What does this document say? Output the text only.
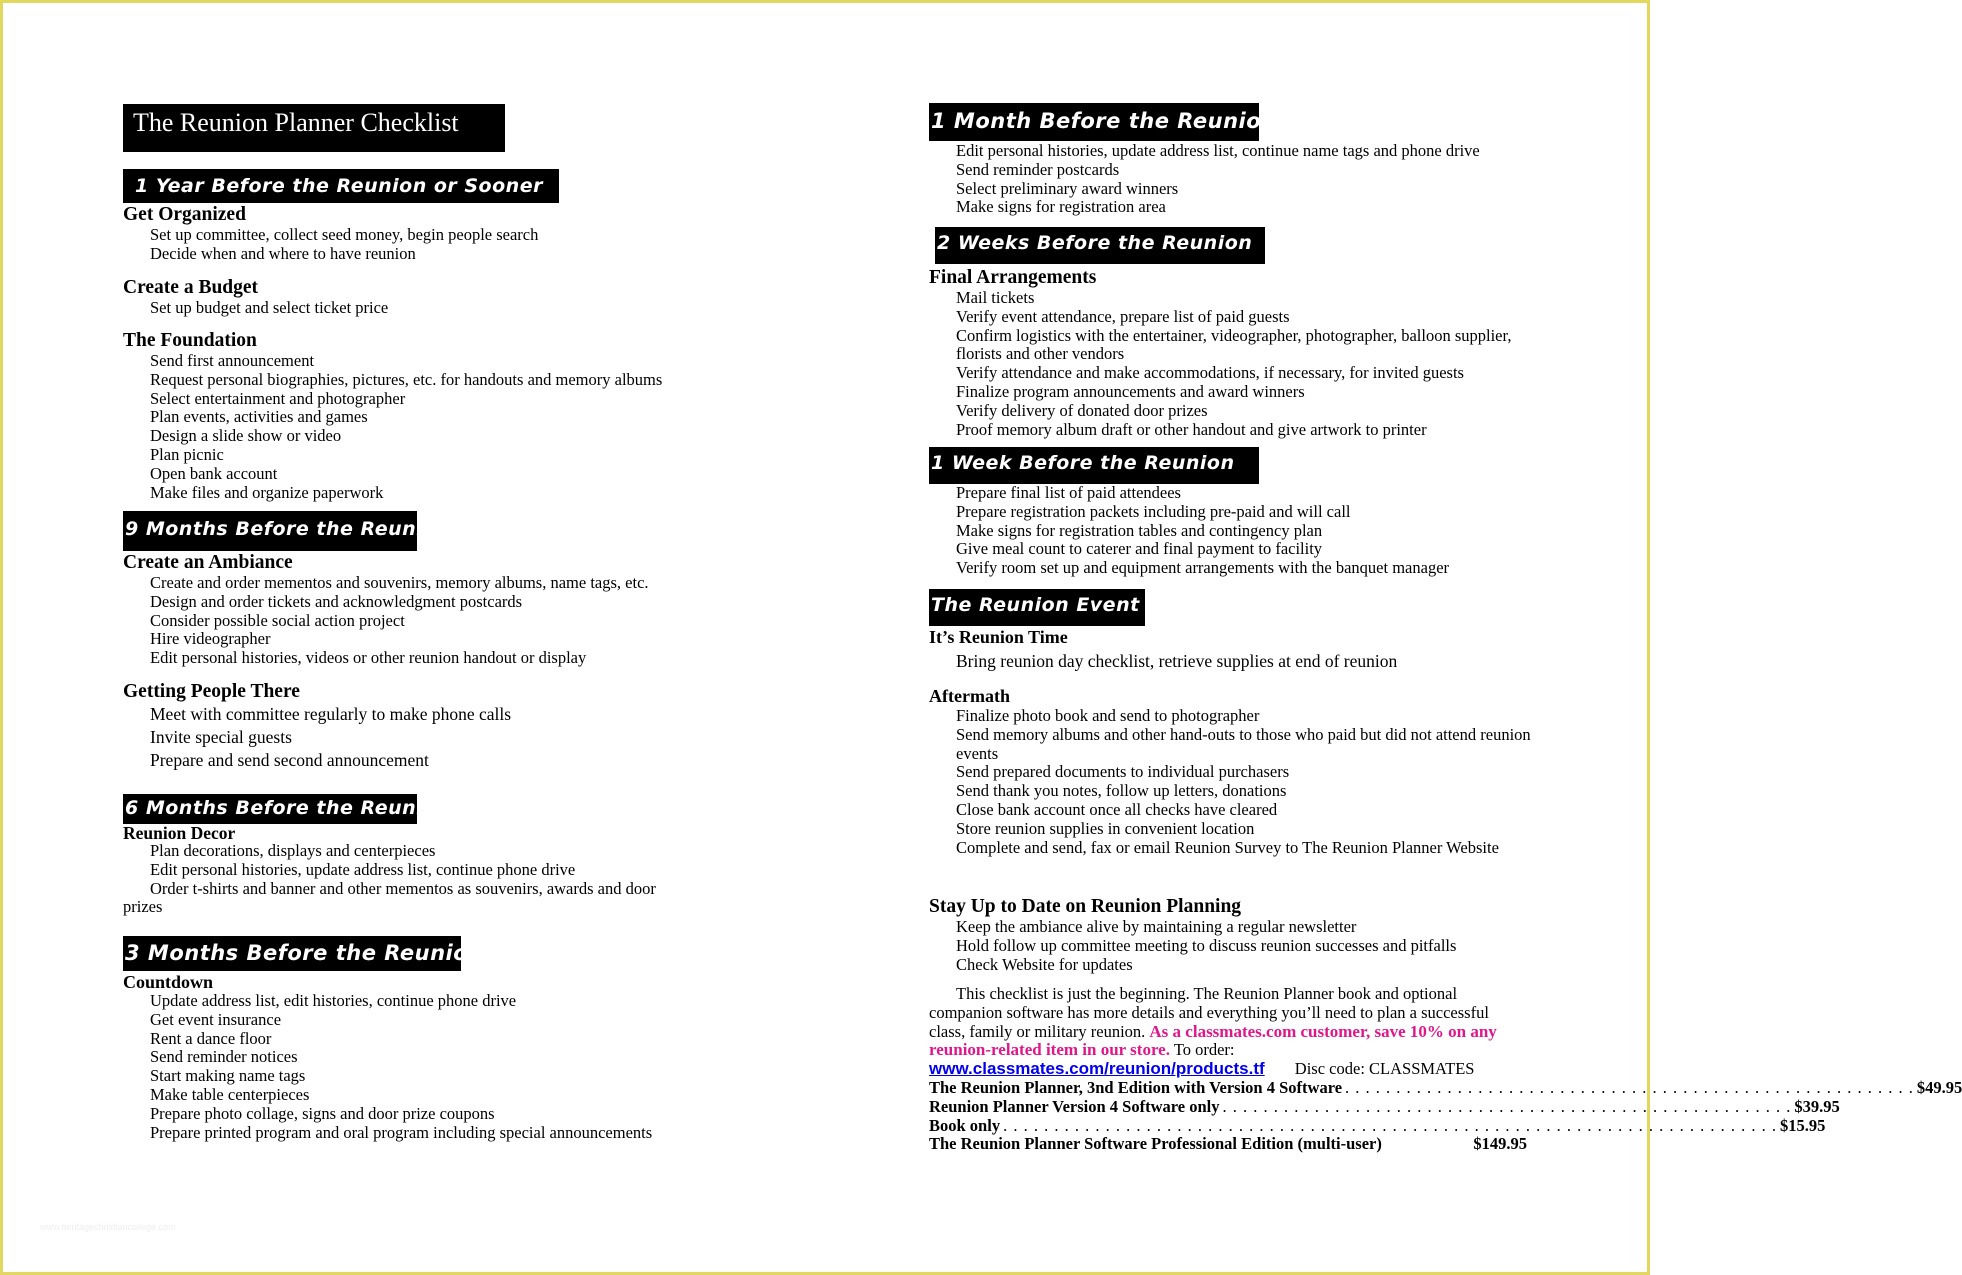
The Reunion Planner Checklist
1 Year Before the Reunion or Sooner
Get Organized
Set up committee, collect seed money, begin people search
Decide when and where to have reunion
Create a Budget
Set up budget and select ticket price
The Foundation
Send first announcement
Request personal biographies, pictures, etc. for handouts and memory albums
Select entertainment and photographer
Plan events, activities and games
Design a slide show or video
Plan picnic
Open bank account
Make files and organize paperwork
9 Months Before the Reunion
Create an Ambiance
Create and order mementos and souvenirs, memory albums, name tags, etc.
Design and order tickets and acknowledgment postcards
Consider possible social action project
Hire videographer
Edit personal histories, videos or other reunion handout or display
Getting People There
Meet with committee regularly to make phone calls
Invite special guests
Prepare and send second announcement
6 Months Before the Reunion
Reunion Decor
Plan decorations, displays and centerpieces
Edit personal histories, update address list, continue phone drive
Order t-shirts and banner and other mementos as souvenirs, awards and door
prizes
3 Months Before the Reunion
Countdown
Update address list, edit histories, continue phone drive
Get event insurance
Rent a dance floor
Send reminder notices
Start making name tags
Make table centerpieces
Prepare photo collage, signs and door prize coupons
Prepare printed program and oral program including special announcements
1 Month Before the Reunion
Edit personal histories, update address list, continue name tags and phone drive
Send reminder postcards
Select preliminary award winners
Make signs for registration area
2 Weeks Before the Reunion
Final Arrangements
Mail tickets
Verify event attendance, prepare list of paid guests
Confirm logistics with the entertainer, videographer, photographer, balloon supplier, florists and other vendors
Verify attendance and make accommodations, if necessary, for invited guests
Finalize program announcements and award winners
Verify delivery of donated door prizes
Proof memory album draft or other handout and give artwork to printer
1 Week Before the Reunion
Prepare final list of paid attendees
Prepare registration packets including pre-paid and will call
Make signs for registration tables and contingency plan
Give meal count to caterer and final payment to facility
Verify room set up and equipment arrangements with the banquet manager
The Reunion Event
It’s Reunion Time
Bring reunion day checklist, retrieve supplies at end of reunion
Aftermath
Finalize photo book and send to photographer
Send memory albums and other hand-outs to those who paid but did not attend reunion events
Send prepared documents to individual purchasers
Send thank you notes, follow up letters, donations
Close bank account once all checks have cleared
Store reunion supplies in convenient location
Complete and send, fax or email Reunion Survey to The Reunion Planner Website
Stay Up to Date on Reunion Planning
Keep the ambiance alive by maintaining a regular newsletter
Hold follow up committee meeting to discuss reunion successes and pitfalls
Check Website for updates
This checklist is just the beginning. The Reunion Planner book and optional companion software has more details and everything you’ll need to plan a successful class, family or military reunion. As a classmates.com customer, save 10% on any reunion-related item in our store. To order:
www.classmates.com/reunion/products.tf Disc code: CLASSMATES
The Reunion Planner, 3nd Edition with Version 4 Software . . . . . . . . . . . . . . . . . . . . . . . . . . . . . . . . . . . . . . . . . . . . . . . . . . . . . . . . $49.95
Reunion Planner Version 4 Software only . . . . . . . . . . . . . . . . . . . . . . . . . . . . . . . . . . . . . . . . . . . . . . . . . . . . . . . . $39.95
Book only . . . . . . . . . . . . . . . . . . . . . . . . . . . . . . . . . . . . . . . . . . . . . . . . . . . . . . . . . . . . . . . . . . . . . . . . . . . . $15.95
The Reunion Planner Software Professional Edition (multi-user)	$149.95
www.heritagechristiancollege.com
